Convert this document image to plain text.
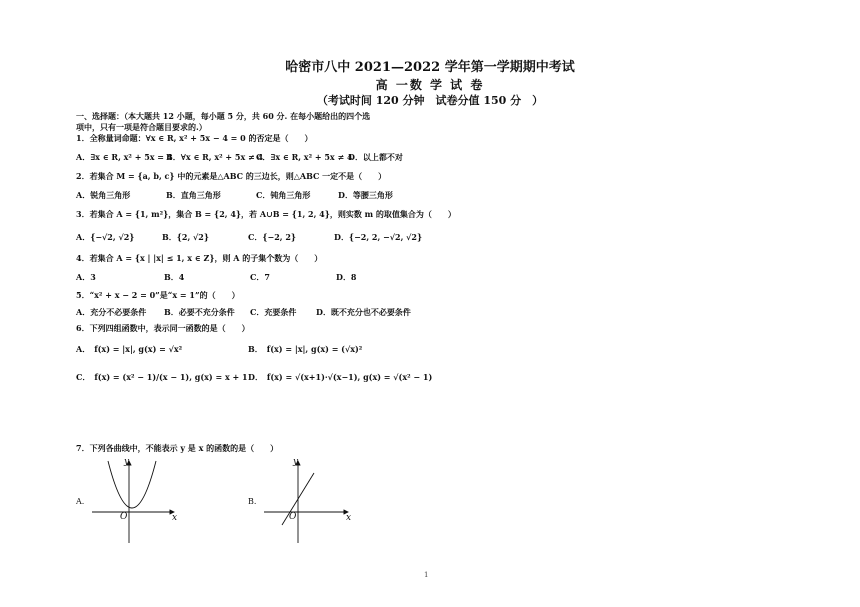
哈密市八中 2021—2022 学年第一学期期中考试
高 一数 学 试 卷
（考试时间 120 分钟　试卷分值 150 分　）
一、选择题：（本大题共 12 小题，每小题 5 分，共 60 分. 在每小题给出的四个选
项中，只有一项是符合题目要求的.）
1．全称量词命题：∀x ∈ R, x² + 5x − 4 = 0 的否定是（　　）
A．∃x ∈ R, x² + 5x = 4
B．∀x ∈ R, x² + 5x ≠ 4
C．∃x ∈ R, x² + 5x ≠ 4
D．以上都不对
2．若集合 M = {a, b, c} 中的元素是△ABC 的三边长，则△ABC 一定不是（　　）
A．锐角三角形	B．直角三角形	C．钝角三角形	D．等腰三角形
3．若集合 A = {1, m²}，集合 B = {2, 4}，若 A∪B = {1, 2, 4}，则实数 m 的取值集合为（　　）
A．{−√2, √2}	B．{2, √2}	C．{−2, 2}	D．{−2, 2, −√2, √2}
4．若集合 A = {x | |x| ≤ 1, x ∈ Z}，则 A 的子集个数为（　　）
A．3	B．4	C．7	D．8
5．“x² + x − 2 = 0”是“x = 1”的（　　）
A．充分不必要条件 B．必要不充分条件 C．充要条件 D．既不充分也不必要条件
6．下列四组函数中，表示同一函数的是（　　）
A．　f(x) = |x|, g(x) = √x²	B．　f(x) = |x|, g(x) = (√x)²
C．　f(x) = (x² − 1)/(x − 1), g(x) = x + 1 D．　f(x) = √(x+1)·√(x−1), g(x) = √(x² − 1)
7．下列各曲线中，不能表示 y 是 x 的函数的是（　　）
A.	B.
y
x
O
y
x
O
1
